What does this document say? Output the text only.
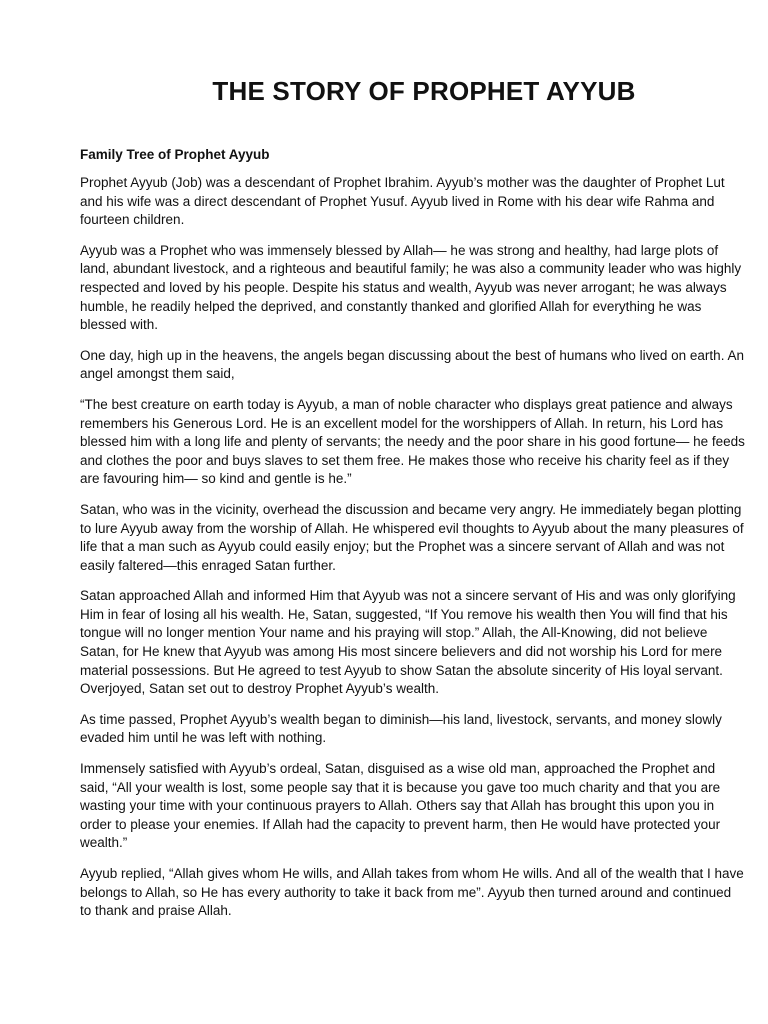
THE STORY OF PROPHET AYYUB
Family Tree of Prophet Ayyub

Prophet Ayyub (Job) was a descendant of Prophet Ibrahim. Ayyub’s mother was the daughter of Prophet Lut and his wife was a direct descendant of Prophet Yusuf. Ayyub lived in Rome with his dear wife Rahma and fourteen children.

Ayyub was a Prophet who was immensely blessed by Allah— he was strong and healthy, had large plots of land, abundant livestock, and a righteous and beautiful family; he was also a community leader who was highly respected and loved by his people. Despite his status and wealth, Ayyub was never arrogant; he was always humble, he readily helped the deprived, and constantly thanked and glorified Allah for everything he was blessed with.

One day, high up in the heavens, the angels began discussing about the best of humans who lived on earth. An angel amongst them said,

“The best creature on earth today is Ayyub, a man of noble character who displays great patience and always remembers his Generous Lord. He is an excellent model for the worshippers of Allah. In return, his Lord has blessed him with a long life and plenty of servants; the needy and the poor share in his good fortune— he feeds and clothes the poor and buys slaves to set them free. He makes those who receive his charity feel as if they are favouring him— so kind and gentle is he.”

Satan, who was in the vicinity, overhead the discussion and became very angry. He immediately began plotting to lure Ayyub away from the worship of Allah. He whispered evil thoughts to Ayyub about the many pleasures of life that a man such as Ayyub could easily enjoy; but the Prophet was a sincere servant of Allah and was not easily faltered—this enraged Satan further.

Satan approached Allah and informed Him that Ayyub was not a sincere servant of His and was only glorifying Him in fear of losing all his wealth. He, Satan, suggested, “If You remove his wealth then You will find that his tongue will no longer mention Your name and his praying will stop.” Allah, the All-Knowing, did not believe Satan, for He knew that Ayyub was among His most sincere believers and did not worship his Lord for mere material possessions. But He agreed to test Ayyub to show Satan the absolute sincerity of His loyal servant. Overjoyed, Satan set out to destroy Prophet Ayyub’s wealth.

As time passed, Prophet Ayyub’s wealth began to diminish—his land, livestock, servants, and money slowly evaded him until he was left with nothing.

Immensely satisfied with Ayyub’s ordeal, Satan, disguised as a wise old man, approached the Prophet and said, “All your wealth is lost, some people say that it is because you gave too much charity and that you are wasting your time with your continuous prayers to Allah. Others say that Allah has brought this upon you in order to please your enemies. If Allah had the capacity to prevent harm, then He would have protected your wealth.”

Ayyub replied, “Allah gives whom He wills, and Allah takes from whom He wills. And all of the wealth that I have belongs to Allah, so He has every authority to take it back from me”. Ayyub then turned around and continued to thank and praise Allah.
